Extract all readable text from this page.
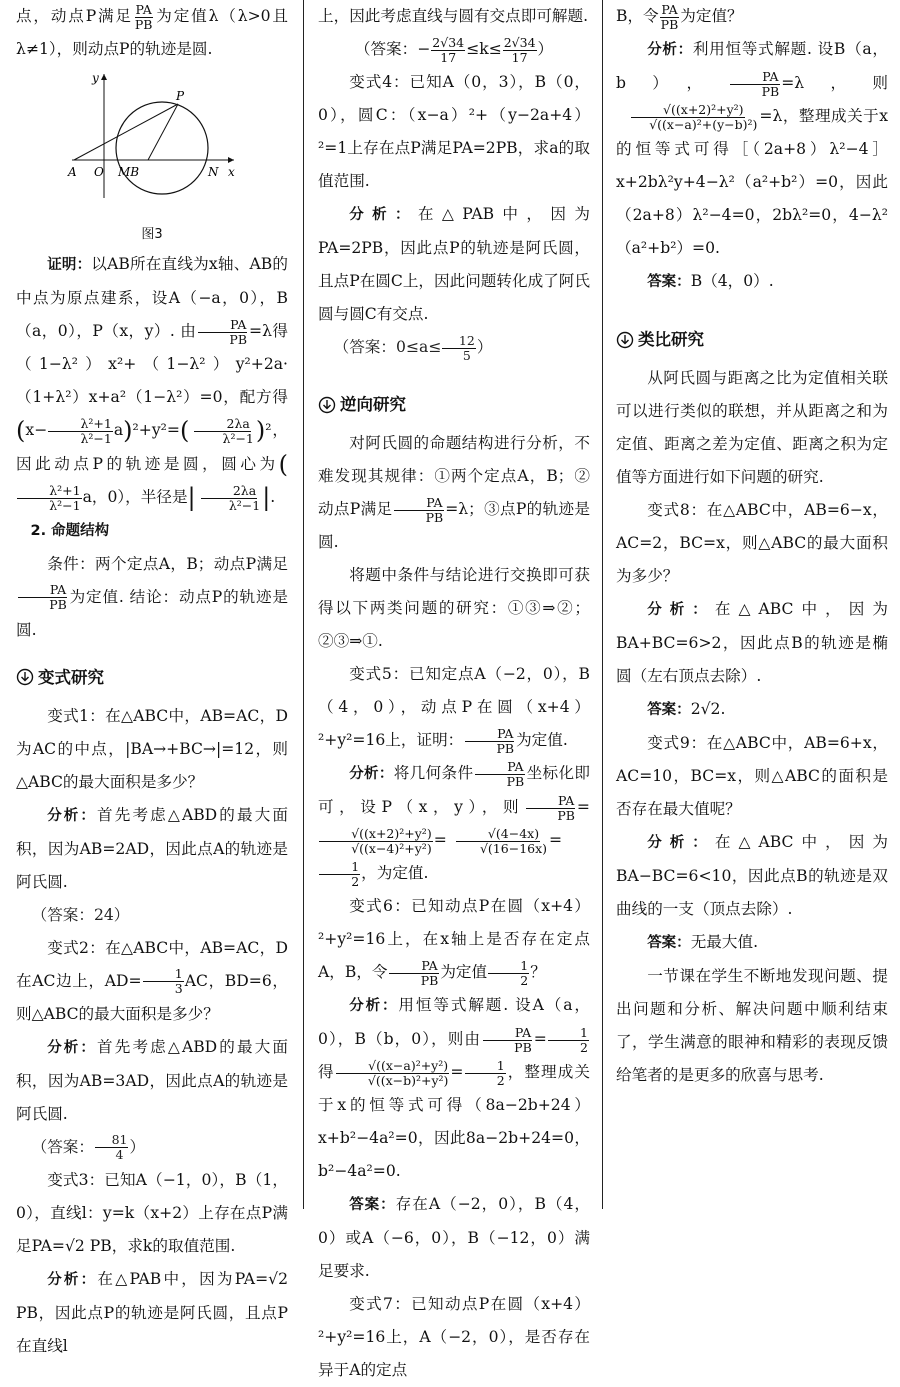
点，动点P满足 $\frac{PA}{PB}$ 为定值λ（λ>0且λ≠1），则动点P的轨迹是圆.

y
P
A O MB	N x
图3

证明：以AB所在直线为x轴、AB的中点为原点建系，设A（−a，0），B（a，0），P（x，y）. 由 $\frac{PA}{PB} =\lambda$得（1−λ²）x²+（1−λ²）y²+2a·（1+λ²）x+a²（1−λ²）=0，配方得$(x- \frac{\text{λ²+1}}{\text{λ²−1}} a)^2+y^2=( \frac{2\lambda a}{\text{λ²−1}} )^2$，因此动点P的轨迹是圆，圆心为(
$\frac{\text{λ²+1}}{\text{λ²−1}}$ a，0），半径是| $\frac{2\lambda a}{\text{λ²−1}}$ |.

2. 命题结构

条件：两个定点A，B；动点P满足
$\frac{PA}{PB}$ 为定值. 结论：动点P的轨迹是圆.

变式研究

变式1：在△ABC中，AB=AC，D为AC的中点，|BA→+BC→|=12，则△ABC的最大面积是多少？

分析：首先考虑△ABD的最大面积，因为AB=2AD，因此点A的轨迹是阿氏圆.

（答案：24）

变式2：在△ABC中，AB=AC，D在AC边上，$AD= \frac{1}{3}$ AC，BD=6，则△ABC的最大面积是多少？

分析：首先考虑△ABD的最大面积，因为AB=3AD，因此点A的轨迹是阿氏圆.

（答案： $\frac{81}{4}$ ）

变式3：已知A（−1，0），B（1，0），直线l：y=k（x+2）上存在点P满足PA=√2 PB，求k的取值范围.

分析：在△PAB中，因为PA=√2 PB，因此点P的轨迹是阿氏圆，且点P在直线l

上，因此考虑直线与圆有交点即可解题.

（答案：− $\frac{2√34}{17} \le k\le \frac{2√34}{17}$ ）

变式4：已知A（0，3），B（0，0），圆C：（x−a）²+（y−2a+4）²=1上存在点P满足PA=2PB，求a的取值范围.

分析：在△PAB中，因为PA=2PB，因此点P的轨迹是阿氏圆，且点P在圆C上，因此问题转化成了阿氏圆与圆C有交点.

（答案：$0\le a\le \frac{12}{5}$ ）

逆向研究

对阿氏圆的命题结构进行分析，不难发现其规律：①两个定点A，B；②动点P满足 $\frac{PA}{PB} =\lambda$；③点P的轨迹是圆.

将题中条件与结论进行交换即可获得以下两类问题的研究：①③⇒②；②③⇒①.

变式5：已知定点A（−2，0），B（4，0），动点P在圆（x+4）²+y²=16上，证明： $\frac{PA}{PB}$ 为定值.

分析：将几何条件 $\frac{PA}{PB}$ 坐标化即可，设P（x，y），则 $\frac{PA}{PB}$ =
$\frac{\text{√((x+2)²+y²)}}{\text{√((x−4)²+y²)}} = \frac{√(4-4x)}{√(16-16x)}$ =
$\frac{1}{2}$ ，为定值.

变式6：已知动点P在圆（x+4）²+y²=16上，在x轴上是否存在定点A，B，令 $\frac{PA}{PB}$ 为定值 $\frac{1}{2}$ ？

分析：用恒等式解题. 设A（a，0），B（b，0），则由 $\frac{PA}{PB} = \frac{1}{2}$
得 $\frac{\text{√((x−a)²+y²)}}{\text{√((x−b)²+y²)}} = \frac{1}{2}$ ，整理成关于x的恒等式可得（8a−2b+24）x+b²−4a²=0，因此8a−2b+24=0，b²−4a²=0.

答案：存在A（−2，0），B（4，0）或A（−6，0），B（−12，0）满足要求.

变式7：已知动点P在圆（x+4）²+y²=16上，A（−2，0），是否存在异于A的定点

B，令 $\frac{PA}{PB}$ 为定值？

分析：利用恒等式解题. 设B（a，b）， $\frac{PA}{PB} =\lambda$，则
$\frac{\text{√((x+2)²+y²)}}{\text{√((x−a)²+(y−b)²)}} =\lambda$，整理成关于x的恒等式可得［（2a+8）λ²−4］x+2bλ²y+4−λ²（a²+b²）=0，因此（2a+8）λ²−4=0，2bλ²=0，4−λ²（a²+b²）=0.

答案：B（4，0）.

类比研究

从阿氏圆与距离之比为定值相关联可以进行类似的联想，并从距离之和为定值、距离之差为定值、距离之积为定值等方面进行如下问题的研究.

变式8：在△ABC中，AB=6−x，AC=2，BC=x，则△ABC的最大面积为多少？

分析：在△ABC中，因为BA+BC=6>2，因此点B的轨迹是椭圆（左右顶点去除）.

答案：2√2.

变式9：在△ABC中，AB=6+x，AC=10，BC=x，则△ABC的面积是否存在最大值呢？

分析：在△ABC中，因为BA−BC=6<10，因此点B的轨迹是双曲线的一支（顶点去除）.

答案：无最大值.

一节课在学生不断地发现问题、提出问题和分析、解决问题中顺利结束了，学生满意的眼神和精彩的表现反馈给笔者的是更多的欣喜与思考.
